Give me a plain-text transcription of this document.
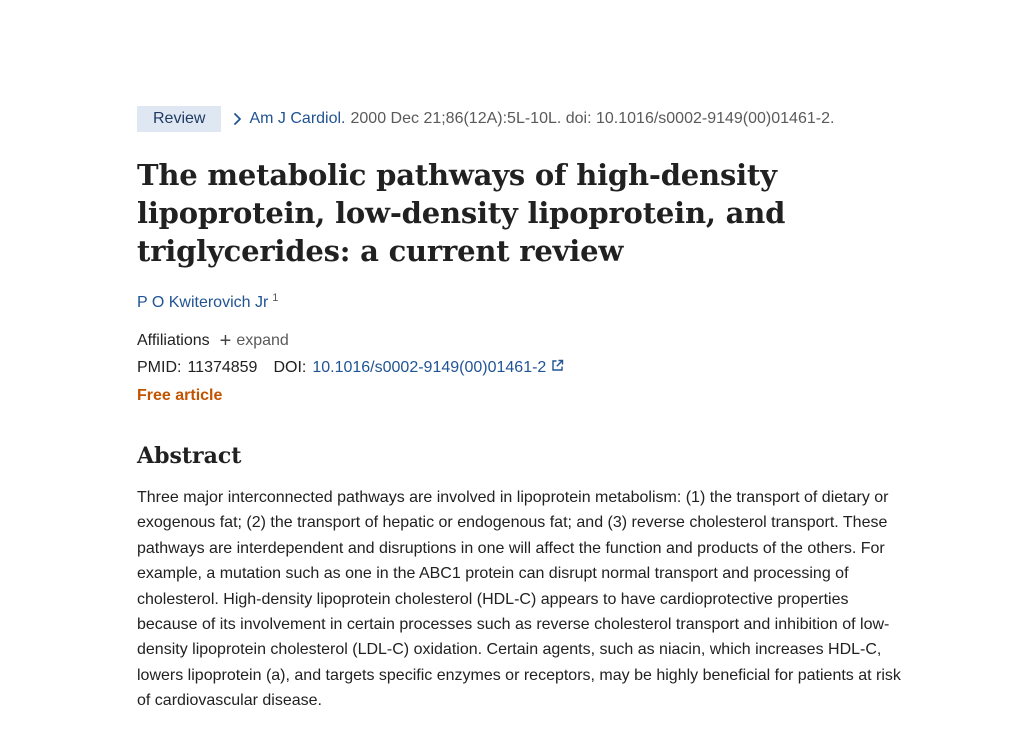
Review	Am J Cardiol. 2000 Dec 21;86(12A):5L-10L. doi: 10.1016/s0002-9149(00)01461-2.
The metabolic pathways of high-density lipoprotein, low-density lipoprotein, and triglycerides: a current review
P O Kwiterovich Jr $^1$
Affiliations + expand
PMID: 11374859 DOI: 10.1016/s0002-9149(00)01461-2
Free article
Abstract
Three major interconnected pathways are involved in lipoprotein metabolism: (1) the transport of dietary or exogenous fat; (2) the transport of hepatic or endogenous fat; and (3) reverse cholesterol transport. These pathways are interdependent and disruptions in one will affect the function and products of the others. For example, a mutation such as one in the ABC1 protein can disrupt normal transport and processing of cholesterol. High-density lipoprotein cholesterol (HDL-C) appears to have cardioprotective properties because of its involvement in certain processes such as reverse cholesterol transport and inhibition of low-density lipoprotein cholesterol (LDL-C) oxidation. Certain agents, such as niacin, which increases HDL-C, lowers lipoprotein (a), and targets specific enzymes or receptors, may be highly beneficial for patients at risk of cardiovascular disease.
